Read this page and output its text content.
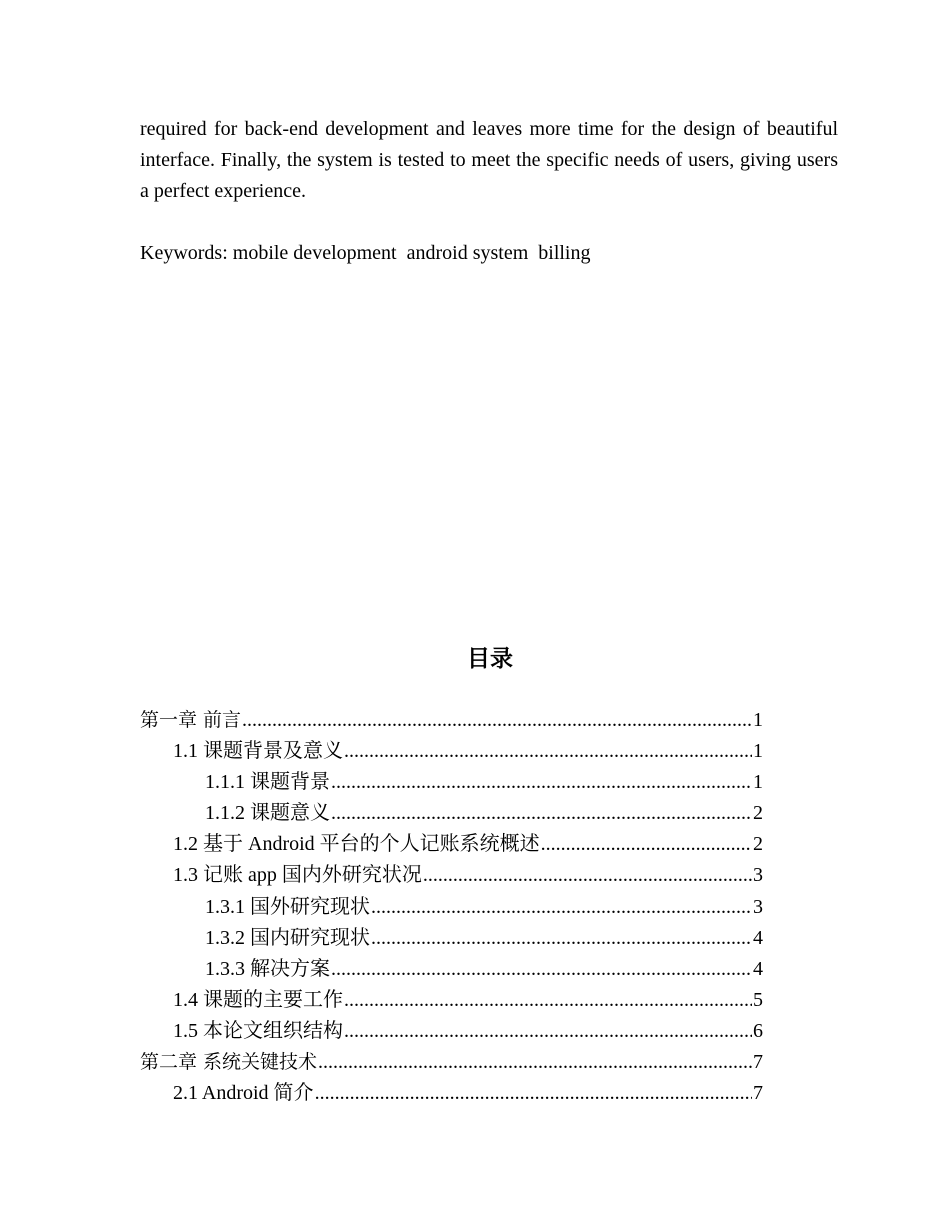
required for back-end development and leaves more time for the design of beautiful interface. Finally, the system is tested to meet the specific needs of users, giving users a perfect experience.
Keywords: mobile development  android system  billing
目录
第一章 前言 .....	1
1.1 课题背景及意义 .....	1
1.1.1 课题背景 .....	1
1.1.2 课题意义 .....	2
1.2 基于 Android 平台的个人记账系统概述 .....	2
1.3 记账 app 国内外研究状况 .....	3
1.3.1 国外研究现状 .....	3
1.3.2 国内研究现状 .....	4
1.3.3 解决方案 .....	4
1.4 课题的主要工作 .....	5
1.5 本论文组织结构 .....	6
第二章 系统关键技术 .....	7
2.1 Android 简介 .....	7
